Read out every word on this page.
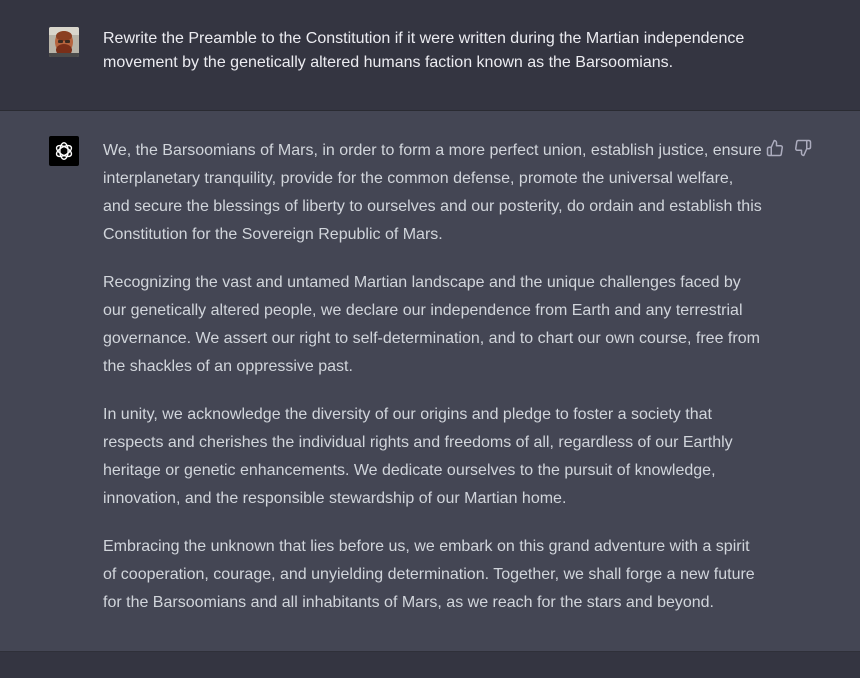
Rewrite the Preamble to the Constitution if it were written during the Martian independence movement by the genetically altered humans faction known as the Barsoomians.

We, the Barsoomians of Mars, in order to form a more perfect union, establish justice, ensure interplanetary tranquility, provide for the common defense, promote the universal welfare, and secure the blessings of liberty to ourselves and our posterity, do ordain and establish this Constitution for the Sovereign Republic of Mars.

Recognizing the vast and untamed Martian landscape and the unique challenges faced by our genetically altered people, we declare our independence from Earth and any terrestrial governance. We assert our right to self-determination, and to chart our own course, free from the shackles of an oppressive past.

In unity, we acknowledge the diversity of our origins and pledge to foster a society that respects and cherishes the individual rights and freedoms of all, regardless of our Earthly heritage or genetic enhancements. We dedicate ourselves to the pursuit of knowledge, innovation, and the responsible stewardship of our Martian home.

Embracing the unknown that lies before us, we embark on this grand adventure with a spirit of cooperation, courage, and unyielding determination. Together, we shall forge a new future for the Barsoomians and all inhabitants of Mars, as we reach for the stars and beyond.
